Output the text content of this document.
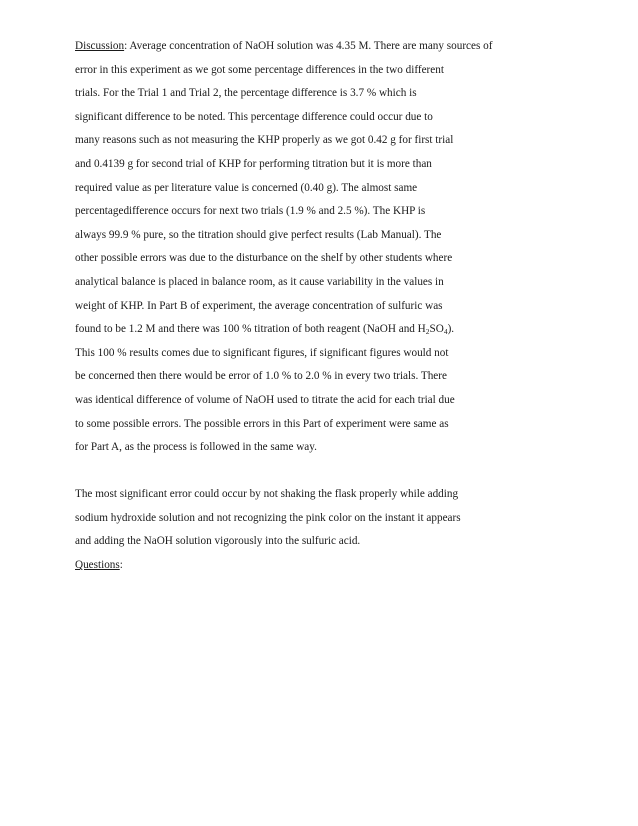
Discussion: Average concentration of NaOH solution was 4.35 M. There are many sources of
error in this experiment as we got some percentage differences in the two different
trials. For the Trial 1 and Trial 2, the percentage difference is 3.7 % which is
significant difference to be noted. This percentage difference could occur due to
many reasons such as not measuring the KHP properly as we got 0.42 g for first trial
and 0.4139 g for second trial of KHP for performing titration but it is more than
required value as per literature value is concerned (0.40 g). The almost same
percentagedifference occurs for next two trials (1.9 % and 2.5 %). The KHP is
always 99.9 % pure, so the titration should give perfect results (Lab Manual). The
other possible errors was due to the disturbance on the shelf by other students where
analytical balance is placed in balance room, as it cause variability in the values in
weight of KHP. In Part B of experiment, the average concentration of sulfuric was
found to be 1.2 M and there was 100 % titration of both reagent (NaOH and $H_2SO_4$).
This 100 % results comes due to significant figures, if significant figures would not
be concerned then there would be error of 1.0 % to 2.0 % in every two trials. There
was identical difference of volume of NaOH used to titrate the acid for each trial due
to some possible errors. The possible errors in this Part of experiment were same as
for Part A, as the process is followed in the same way.
The most significant error could occur by not shaking the flask properly while adding
sodium hydroxide solution and not recognizing the pink color on the instant it appears
and adding the NaOH solution vigorously into the sulfuric acid.
Questions:
